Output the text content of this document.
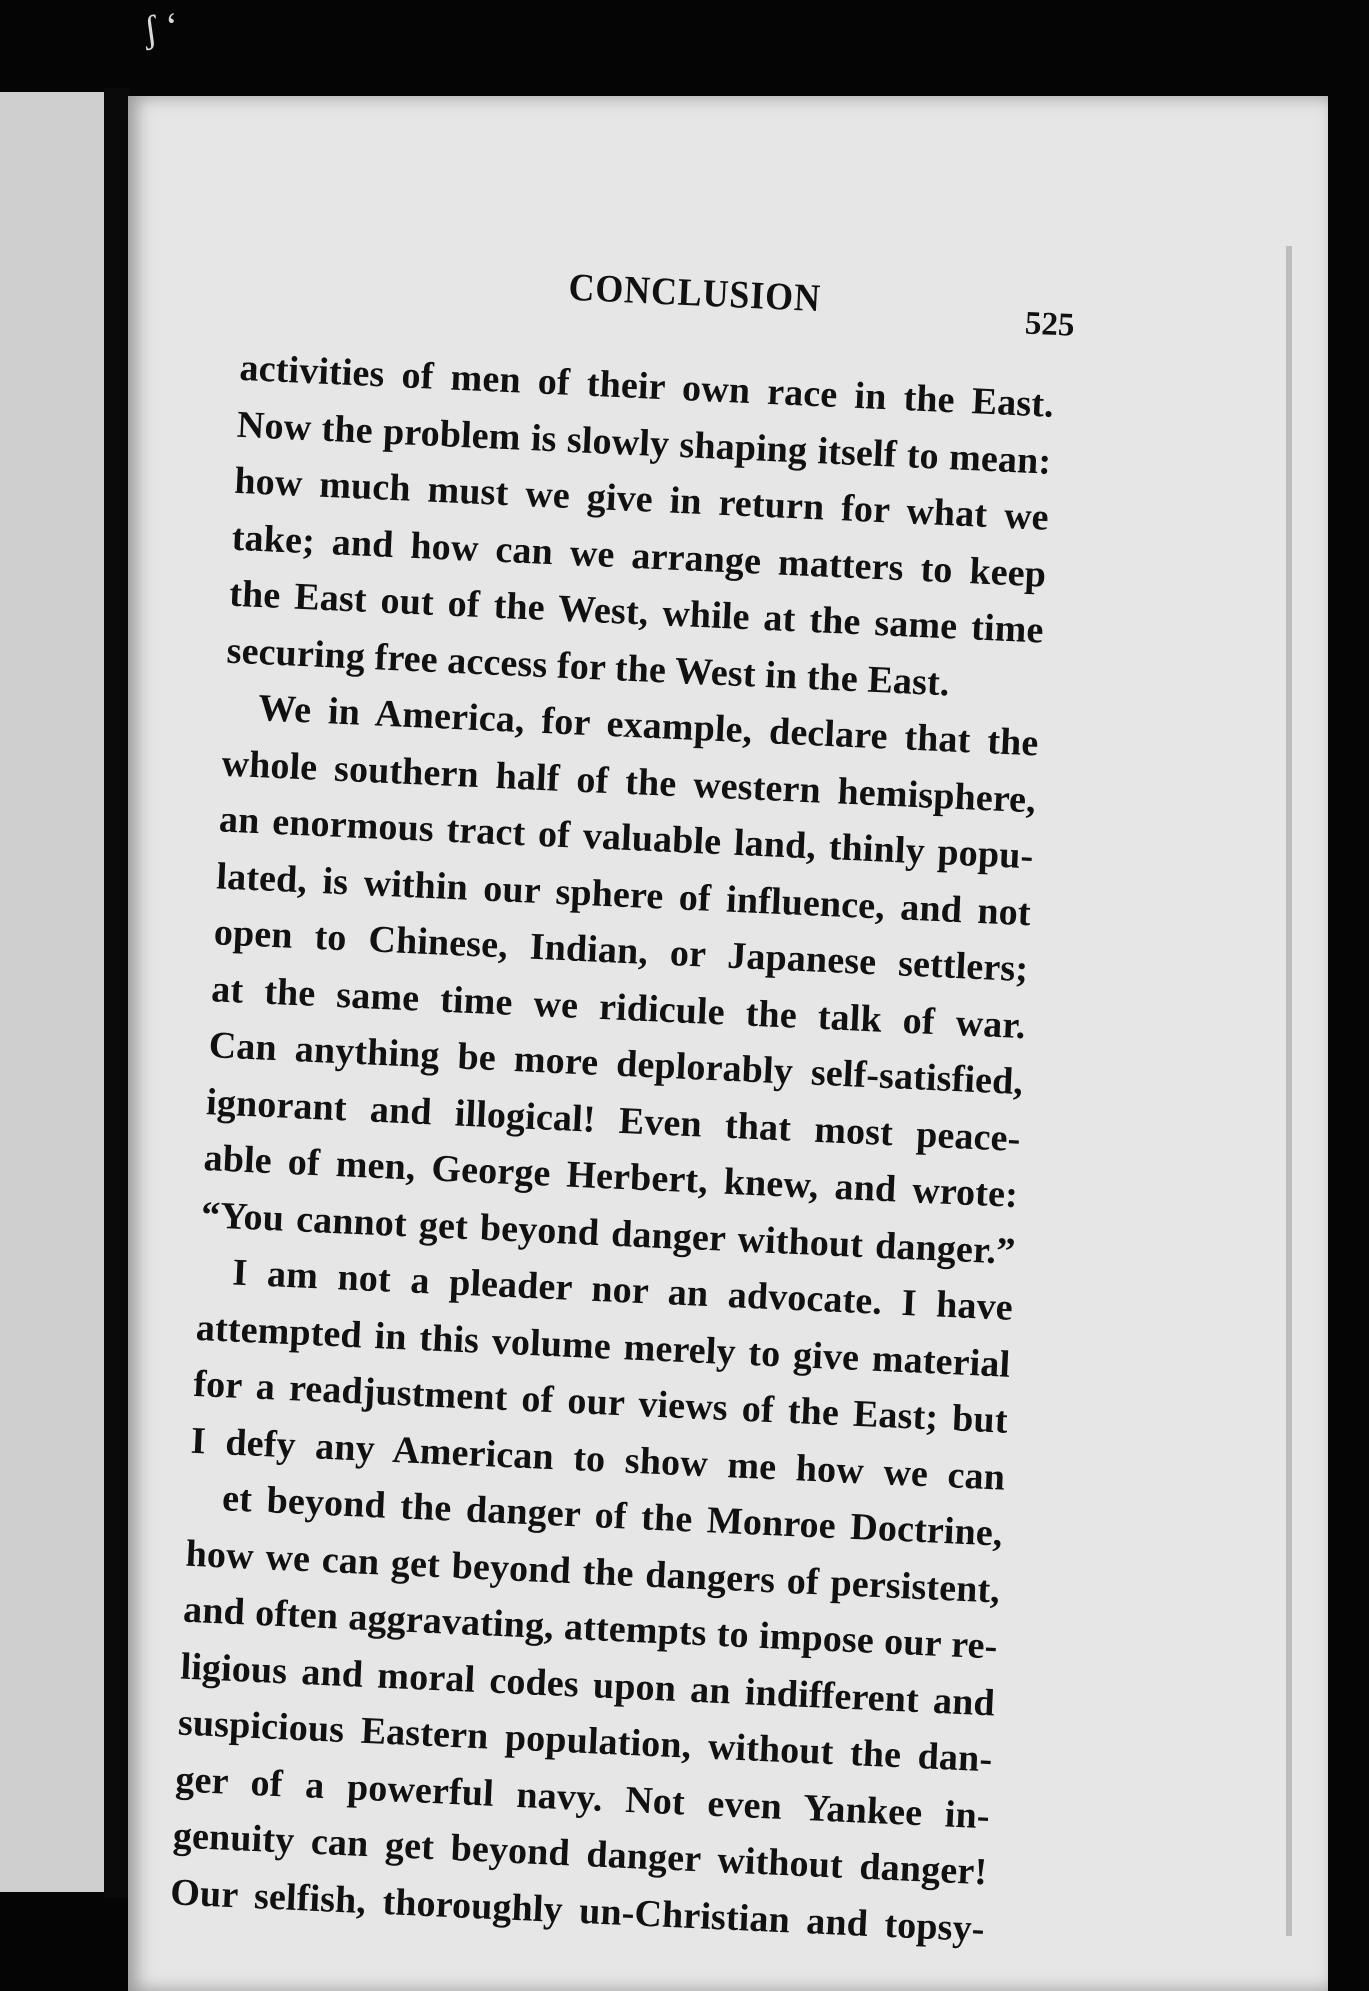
ʃ ʻ
CONCLUSION
525
activities of men of their own race in the East.
Now the problem is slowly shaping itself to mean:
how much must we give in return for what we
take; and how can we arrange matters to keep
the East out of the West, while at the same time
securing free access for the West in the East.
We in America, for example, declare that the
whole southern half of the western hemisphere,
an enormous tract of valuable land, thinly popu-
lated, is within our sphere of influence, and not
open to Chinese, Indian, or Japanese settlers;
at the same time we ridicule the talk of war.
Can anything be more deplorably self-satisfied,
ignorant and illogical! Even that most peace-
able of men, George Herbert, knew, and wrote:
“You cannot get beyond danger without danger.”
I am not a pleader nor an advocate. I have
attempted in this volume merely to give material
for a readjustment of our views of the East; but
I defy any American to show me how we can
et beyond the danger of the Monroe Doctrine,
how we can get beyond the dangers of persistent,
and often aggravating, attempts to impose our re-
ligious and moral codes upon an indifferent and
suspicious Eastern population, without the dan-
ger of a powerful navy. Not even Yankee in-
genuity can get beyond danger without danger!
Our selfish, thoroughly un-Christian and topsy-
